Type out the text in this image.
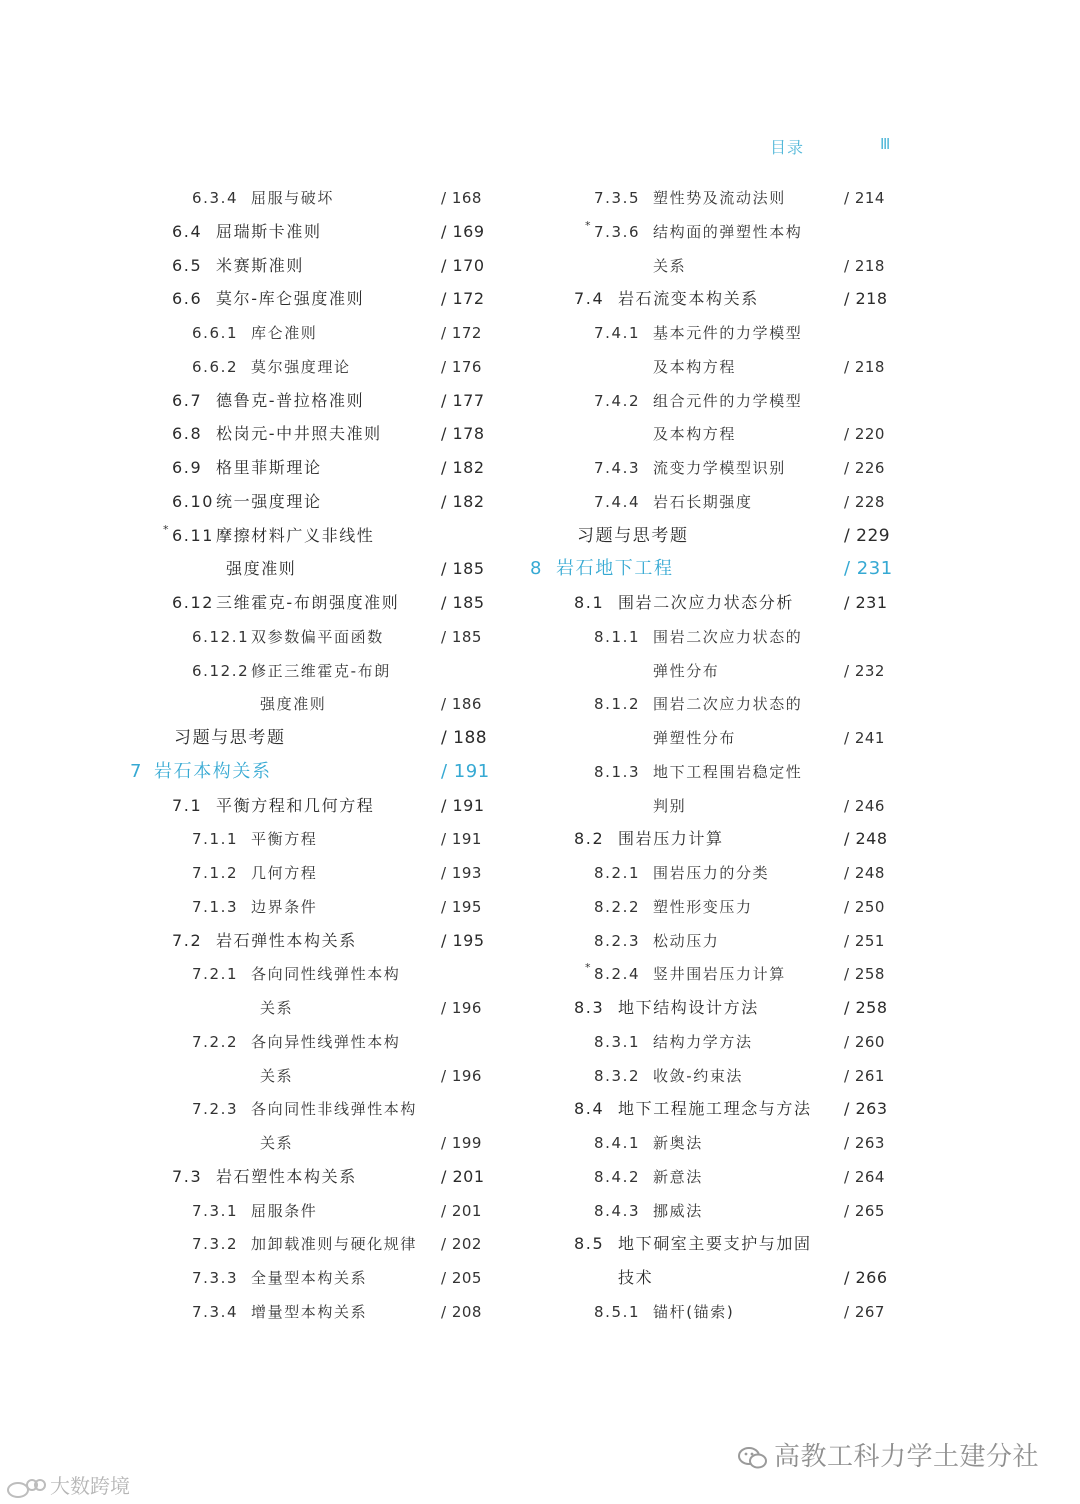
目录	Ⅲ
6.3.4 屈服与破坏	/ 168
6.4 屈瑞斯卡准则	/ 169
6.5 米赛斯准则	/ 170
6.6 莫尔-库仑强度准则	/ 172
6.6.1 库仑准则	/ 172
6.6.2 莫尔强度理论	/ 176
6.7 德鲁克-普拉格准则	/ 177
6.8 松岗元-中井照夫准则	/ 178
6.9 格里菲斯理论	/ 182
6.10 统一强度理论	/ 182
* 6.11 摩擦材料广义非线性
强度准则	/ 185
6.12 三维霍克-布朗强度准则	/ 185
6.12.1 双参数偏平面函数	/ 185
6.12.2 修正三维霍克-布朗
强度准则	/ 186
习题与思考题	/ 188
7 岩石本构关系	/ 191
7.1 平衡方程和几何方程	/ 191
7.1.1 平衡方程	/ 191
7.1.2 几何方程	/ 193
7.1.3 边界条件	/ 195
7.2 岩石弹性本构关系	/ 195
7.2.1 各向同性线弹性本构
关系	/ 196
7.2.2 各向异性线弹性本构
关系	/ 196
7.2.3 各向同性非线弹性本构
关系	/ 199
7.3 岩石塑性本构关系	/ 201
7.3.1 屈服条件	/ 201
7.3.2 加卸载准则与硬化规律 / 202
7.3.3 全量型本构关系	/ 205
7.3.4 增量型本构关系	/ 208
7.3.5 塑性势及流动法则	/ 214
* 7.3.6 结构面的弹塑性本构
关系	/ 218
7.4 岩石流变本构关系	/ 218
7.4.1 基本元件的力学模型
及本构方程	/ 218
7.4.2 组合元件的力学模型
及本构方程	/ 220
7.4.3 流变力学模型识别	/ 226
7.4.4 岩石长期强度	/ 228
习题与思考题	/ 229
8 岩石地下工程	/ 231
8.1 围岩二次应力状态分析	/ 231
8.1.1 围岩二次应力状态的
弹性分布	/ 232
8.1.2 围岩二次应力状态的
弹塑性分布	/ 241
8.1.3 地下工程围岩稳定性
判别	/ 246
8.2 围岩压力计算	/ 248
8.2.1 围岩压力的分类	/ 248
8.2.2 塑性形变压力	/ 250
8.2.3 松动压力	/ 251
* 8.2.4 竖井围岩压力计算	/ 258
8.3 地下结构设计方法	/ 258
8.3.1 结构力学方法	/ 260
8.3.2 收敛-约束法	/ 261
8.4 地下工程施工理念与方法 / 263
8.4.1 新奥法	/ 263
8.4.2 新意法	/ 264
8.4.3 挪威法	/ 265
8.5 地下硐室主要支护与加固
技术	/ 266
8.5.1 锚杆(锚索)	/ 267
高教工科力学土建分社
大数跨境
